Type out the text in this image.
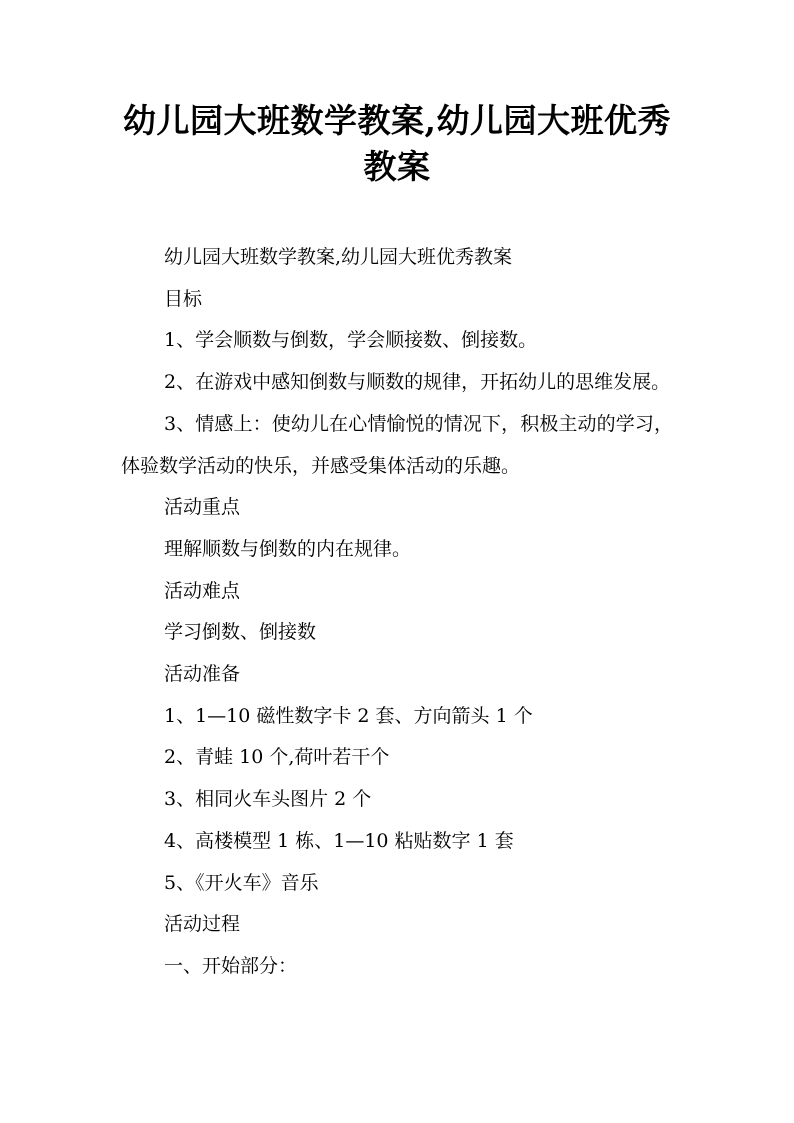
幼儿园大班数学教案,幼儿园大班优秀教案

幼儿园大班数学教案,幼儿园大班优秀教案

目标

1、学会顺数与倒数，学会顺接数、倒接数。

2、在游戏中感知倒数与顺数的规律，开拓幼儿的思维发展。

3、情感上：使幼儿在心情愉悦的情况下，积极主动的学习，体验数学活动的快乐，并感受集体活动的乐趣。

活动重点

理解顺数与倒数的内在规律。

活动难点

学习倒数、倒接数

活动准备

1、1—10 磁性数字卡 2 套、方向箭头 1 个

2、青蛙 10 个,荷叶若干个

3、相同火车头图片 2 个

4、高楼模型 1 栋、1—10 粘贴数字 1 套

5、《开火车》音乐

活动过程

一、开始部分：
